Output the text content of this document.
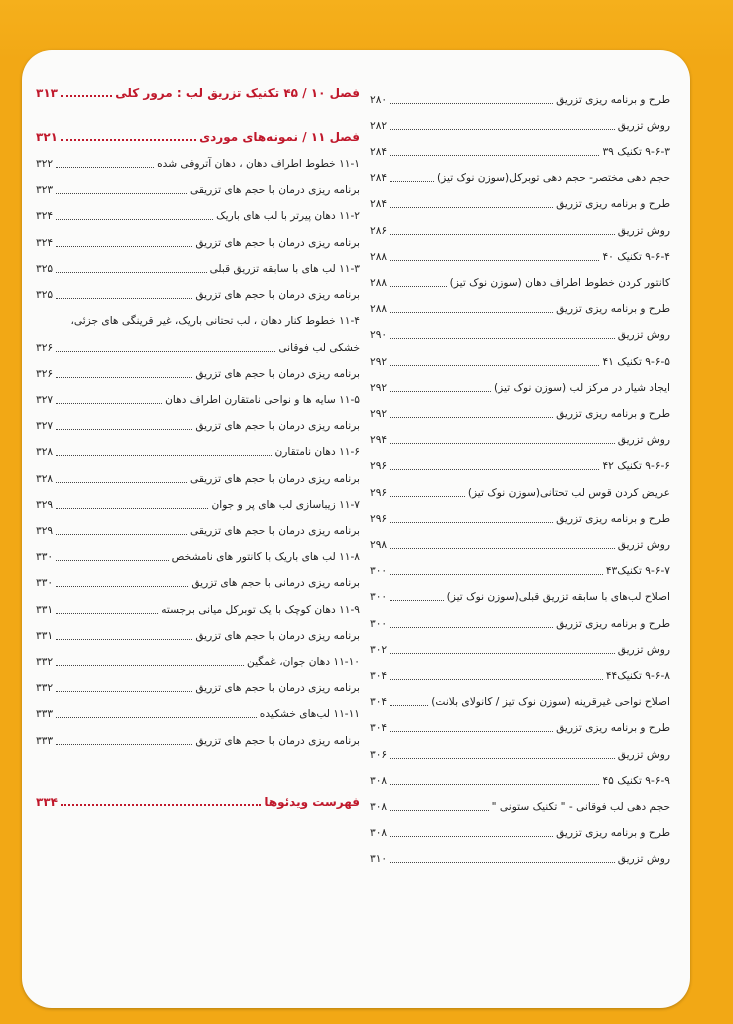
فصل ۱۰ / ۴۵ تکنیک تزریق لب : مرور کلی
۳۱۳
فصل ۱۱ / نمونه‌های موردی
۳۲۱
۱۱-۱ خطوط اطراف دهان ، دهان آتروفی شده
۳۲۲
برنامه ریزی درمان با حجم های تزریقی
۳۲۳
۱۱-۲ دهان پیرتر با لب های باریک
۳۲۴
برنامه ریزی درمان با حجم های تزریق
۳۲۴
۱۱-۳ لب های با سابقه تزریق قبلی
۳۲۵
برنامه ریزی درمان با حجم های تزریق
۳۲۵
۱۱-۴ خطوط کنار دهان ، لب تحتانی باریک، غیر قرینگی های جزئی،
خشکی لب فوقانی
۳۲۶
برنامه ریزی درمان با حجم های تزریق
۳۲۶
۱۱-۵ سایه ها و نواحی نامتقارن اطراف دهان
۳۲۷
برنامه ریزی درمان با حجم های تزریق
۳۲۷
۱۱-۶ دهان نامتقارن
۳۲۸
برنامه ریزی درمان با حجم های تزریقی
۳۲۸
۱۱-۷ زیباسازی لب های پر و جوان
۳۲۹
برنامه ریزی درمان با حجم های تزریقی
۳۲۹
۱۱-۸ لب های باریک با کانتور های نامشخص
۳۳۰
برنامه ریزی درمانی با حجم های تزریق
۳۳۰
۱۱-۹ دهان کوچک با یک توبرکل میانی برجسته
۳۳۱
برنامه ریزی درمان با حجم های تزریق
۳۳۱
۱۱-۱۰ دهان جوان، غمگین
۳۳۲
برنامه ریزی درمان با حجم های تزریق
۳۳۲
۱۱-۱۱ لب‌های خشکیده
۳۳۳
برنامه ریزی درمان با حجم های تزریق
۳۳۳
فهرست ویدئوها
۳۳۴
طرح و برنامه ریزی تزریق
۲۸۰
روش تزریق
۲۸۲
۹-۶-۳ تکنیک ۳۹
۲۸۴
حجم دهی مختصر- حجم دهی توبرکل(سوزن نوک تیز)
۲۸۴
طرح و برنامه ریزی تزریق
۲۸۴
روش تزریق
۲۸۶
۹-۶-۴ تکنیک ۴۰
۲۸۸
کانتور کردن خطوط اطراف دهان (سوزن نوک تیز)
۲۸۸
طرح و برنامه ریزی تزریق
۲۸۸
روش تزریق
۲۹۰
۹-۶-۵ تکنیک ۴۱
۲۹۲
ایجاد شیار در مرکز لب (سوزن نوک تیز)
۲۹۲
طرح و برنامه ریزی تزریق
۲۹۲
روش تزریق
۲۹۴
۹-۶-۶ تکنیک ۴۲
۲۹۶
عریض کردن قوس لب تحتانی(سوزن نوک تیز)
۲۹۶
طرح و برنامه ریزی تزریق
۲۹۶
روش تزریق
۲۹۸
۹-۶-۷ تکنیک۴۳
۳۰۰
اصلاح لب‌های با سابقه تزریق قبلی(سوزن نوک تیز)
۳۰۰
طرح و برنامه ریزی تزریق
۳۰۰
روش تزریق
۳۰۲
۹-۶-۸ تکنیک۴۴
۳۰۴
اصلاح نواحی غیرقرینه (سوزن نوک تیز / کانولای بلانت)
۳۰۴
طرح و برنامه ریزی تزریق
۳۰۴
روش تزریق
۳۰۶
۹-۶-۹ تکنیک ۴۵
۳۰۸
حجم دهی لب فوقانی - " تکنیک ستونی "
۳۰۸
طرح و برنامه ریزی تزریق
۳۰۸
روش تزریق
۳۱۰
